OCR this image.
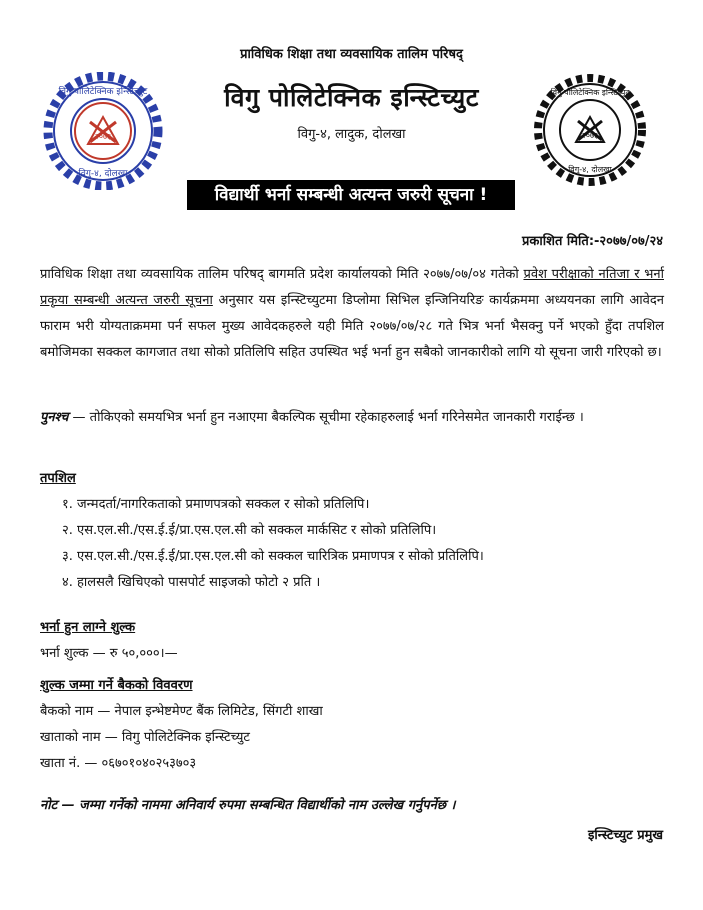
२०७३
विगु पोलिटेक्निक इन्स्टिच्युट
विगु-४, दोलखा
२०७३
विगु पोलिटेक्निक इन्स्टिच्युट
विगु-४, दोलखा
प्राविधिक शिक्षा तथा व्यवसायिक तालिम परिषद्
विगु पोलिटेक्निक इन्स्टिच्युट
विगु-४, लादुक, दोलखा
विद्यार्थी भर्ना सम्बन्धी अत्यन्त जरुरी सूचना !
प्रकाशित मिति:-२०७७/०७/२४
प्राविधिक शिक्षा तथा व्यवसायिक तालिम परिषद् बागमति प्रदेश कार्यालयको मिति २०७७/०७/०४ गतेको प्रवेश परीक्षाको नतिजा र भर्ना प्रकृया सम्बन्धी अत्यन्त जरुरी सूचना अनुसार यस इन्स्टिच्युटमा डिप्लोमा सिभिल इन्जिनियरिङ कार्यक्रममा अध्ययनका लागि आवेदन फाराम भरी योग्यताक्रममा पर्न सफल मुख्य आवेदकहरुले यही मिति २०७७/०७/२८ गते भित्र भर्ना भैसक्नु पर्ने भएको हुँदा तपशिल बमोजिमका सक्कल कागजात तथा सोको प्रतिलिपि सहित उपस्थित भई भर्ना हुन सबैको जानकारीको लागि यो सूचना जारी गरिएको छ।
पुनश्च — तोकिएको समयभित्र भर्ना हुन नआएमा बैकल्पिक सूचीमा रहेकाहरुलाई भर्ना गरिनेसमेत जानकारी गराईन्छ ।
तपशिल
१. जन्मदर्ता/नागरिकताको प्रमाणपत्रको सक्कल र सोको प्रतिलिपि।
२. एस.एल.सी./एस.ई.ई/प्रा.एस.एल.सी को सक्कल मार्कसिट र सोको प्रतिलिपि।
३. एस.एल.सी./एस.ई.ई/प्रा.एस.एल.सी को सक्कल चारित्रिक प्रमाणपत्र र सोको प्रतिलिपि।
४. हालसलै खिचिएको पासपोर्ट साइजको फोटो २ प्रति ।
भर्ना हुन लाग्ने शुल्क
भर्ना शुल्क — रु ५०,०००।—
शुल्क जम्मा गर्ने बैकको विववरण
बैकको नाम — नेपाल इन्भेष्टमेण्ट बैंक लिमिटेड, सिंगटी शाखा
खाताको नाम — विगु पोलिटेक्निक इन्स्टिच्युट
खाता नं. — ०६७०१०४०२५३७०३
नोट — जम्मा गर्नेको नाममा अनिवार्य रुपमा सम्बन्धित विद्यार्थीको नाम उल्लेख गर्नुपर्नेछ ।
इन्स्टिच्युट प्रमुख
